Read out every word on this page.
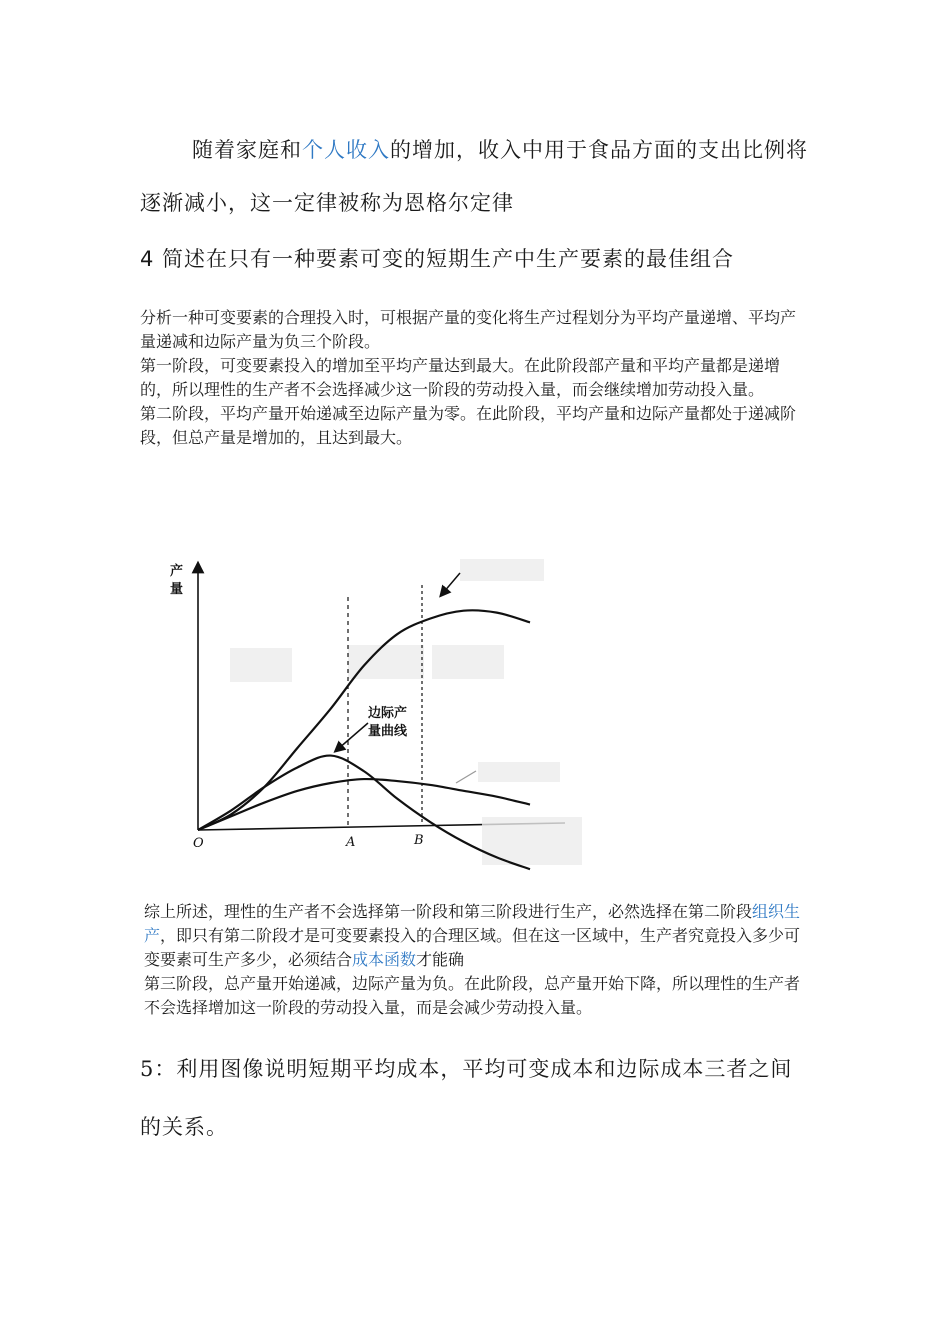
随着家庭和个人收入的增加，收入中用于食品方面的支出比例将逐渐减小，这一定律被称为恩格尔定律

4 简述在只有一种要素可变的短期生产中生产要素的最佳组合

分析一种可变要素的合理投入时，可根据产量的变化将生产过程划分为平均产量递增、平均产量递减和边际产量为负三个阶段。

第一阶段，可变要素投入的增加至平均产量达到最大。在此阶段部产量和平均产量都是递增的，所以理性的生产者不会选择减少这一阶段的劳动投入量，而会继续增加劳动投入量。

第二阶段，平均产量开始递减至边际产量为零。在此阶段，平均产量和边际产量都处于递减阶段，但总产量是增加的，且达到最大。

产
量
O	A	B
边际产
量曲线

综上所述，理性的生产者不会选择第一阶段和第三阶段进行生产，必然选择在第二阶段组织生产，即只有第二阶段才是可变要素投入的合理区域。但在这一区域中，生产者究竟投入多少可变要素可生产多少，必须结合成本函数才能确

第三阶段，总产量开始递减，边际产量为负。在此阶段，总产量开始下降，所以理性的生产者不会选择增加这一阶段的劳动投入量，而是会减少劳动投入量。

5：利用图像说明短期平均成本，平均可变成本和边际成本三者之间的关系。
